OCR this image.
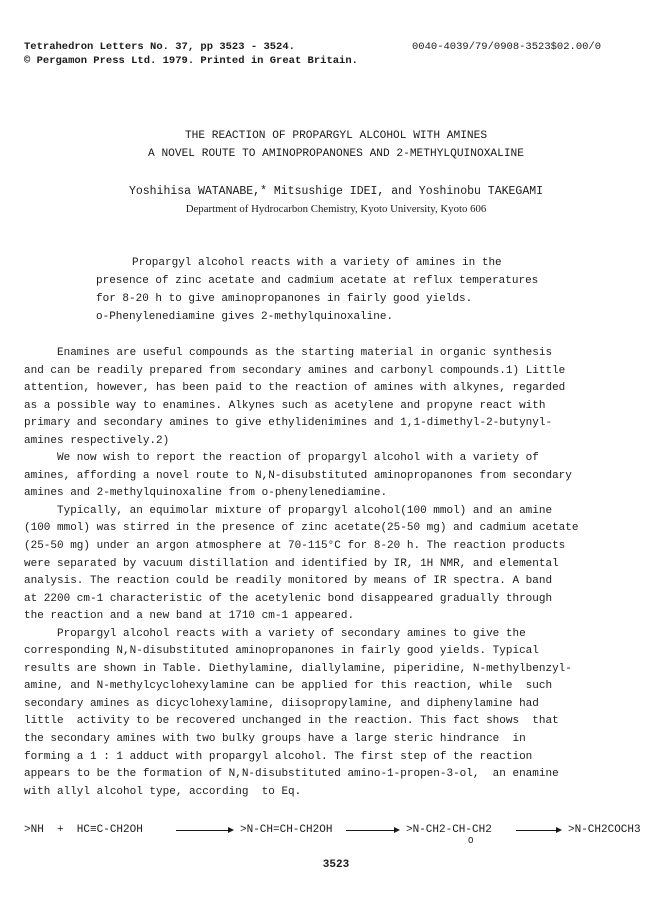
Tetrahedron Letters No. 37, pp 3523 - 3524.
© Pergamon Press Ltd. 1979. Printed in Great Britain.
0040-4039/79/0908-3523$02.00/0
THE REACTION OF PROPARGYL ALCOHOL WITH AMINES
A NOVEL ROUTE TO AMINOPROPANONES AND 2-METHYLQUINOXALINE
Yoshihisa WATANABE,* Mitsushige IDEI, and Yoshinobu TAKEGAMI
Department of Hydrocarbon Chemistry, Kyoto University, Kyoto 606
Propargyl alcohol reacts with a variety of amines in the
presence of zinc acetate and cadmium acetate at reflux temperatures
for 8-20 h to give aminopropanones in fairly good yields.
o-Phenylenediamine gives 2-methylquinoxaline.
Enamines are useful compounds as the starting material in organic synthesis
and can be readily prepared from secondary amines and carbonyl compounds.1) Little
attention, however, has been paid to the reaction of amines with alkynes, regarded
as a possible way to enamines. Alkynes such as acetylene and propyne react with
primary and secondary amines to give ethylidenimines and 1,1-dimethyl-2-butynyl-
amines respectively.2)
We now wish to report the reaction of propargyl alcohol with a variety of
amines, affording a novel route to N,N-disubstituted aminopropanones from secondary
amines and 2-methylquinoxaline from o-phenylenediamine.
Typically, an equimolar mixture of propargyl alcohol(100 mmol) and an amine
(100 mmol) was stirred in the presence of zinc acetate(25-50 mg) and cadmium acetate
(25-50 mg) under an argon atmosphere at 70-115°C for 8-20 h. The reaction products
were separated by vacuum distillation and identified by IR, 1H NMR, and elemental
analysis. The reaction could be readily monitored by means of IR spectra. A band
at 2200 cm-1 characteristic of the acetylenic bond disappeared gradually through
the reaction and a new band at 1710 cm-1 appeared.
Propargyl alcohol reacts with a variety of secondary amines to give the
corresponding N,N-disubstituted aminopropanones in fairly good yields. Typical
results are shown in Table. Diethylamine, diallylamine, piperidine, N-methylbenzyl-
amine, and N-methylcyclohexylamine can be applied for this reaction, while  such
secondary amines as dicyclohexylamine, diisopropylamine, and diphenylamine had
little  activity to be recovered unchanged in the reaction. This fact shows  that
the secondary amines with two bulky groups have a large steric hindrance  in
forming a 1 : 1 adduct with propargyl alcohol. The first step of the reaction
appears to be the formation of N,N-disubstituted amino-1-propen-3-ol,  an enamine
with allyl alcohol type, according  to Eq.
>NH  +  HC≡C-CH2OH	>N-CH=CH-CH2OH	>N-CH2-CH-CH2
O
>N-CH2COCH3
3523
